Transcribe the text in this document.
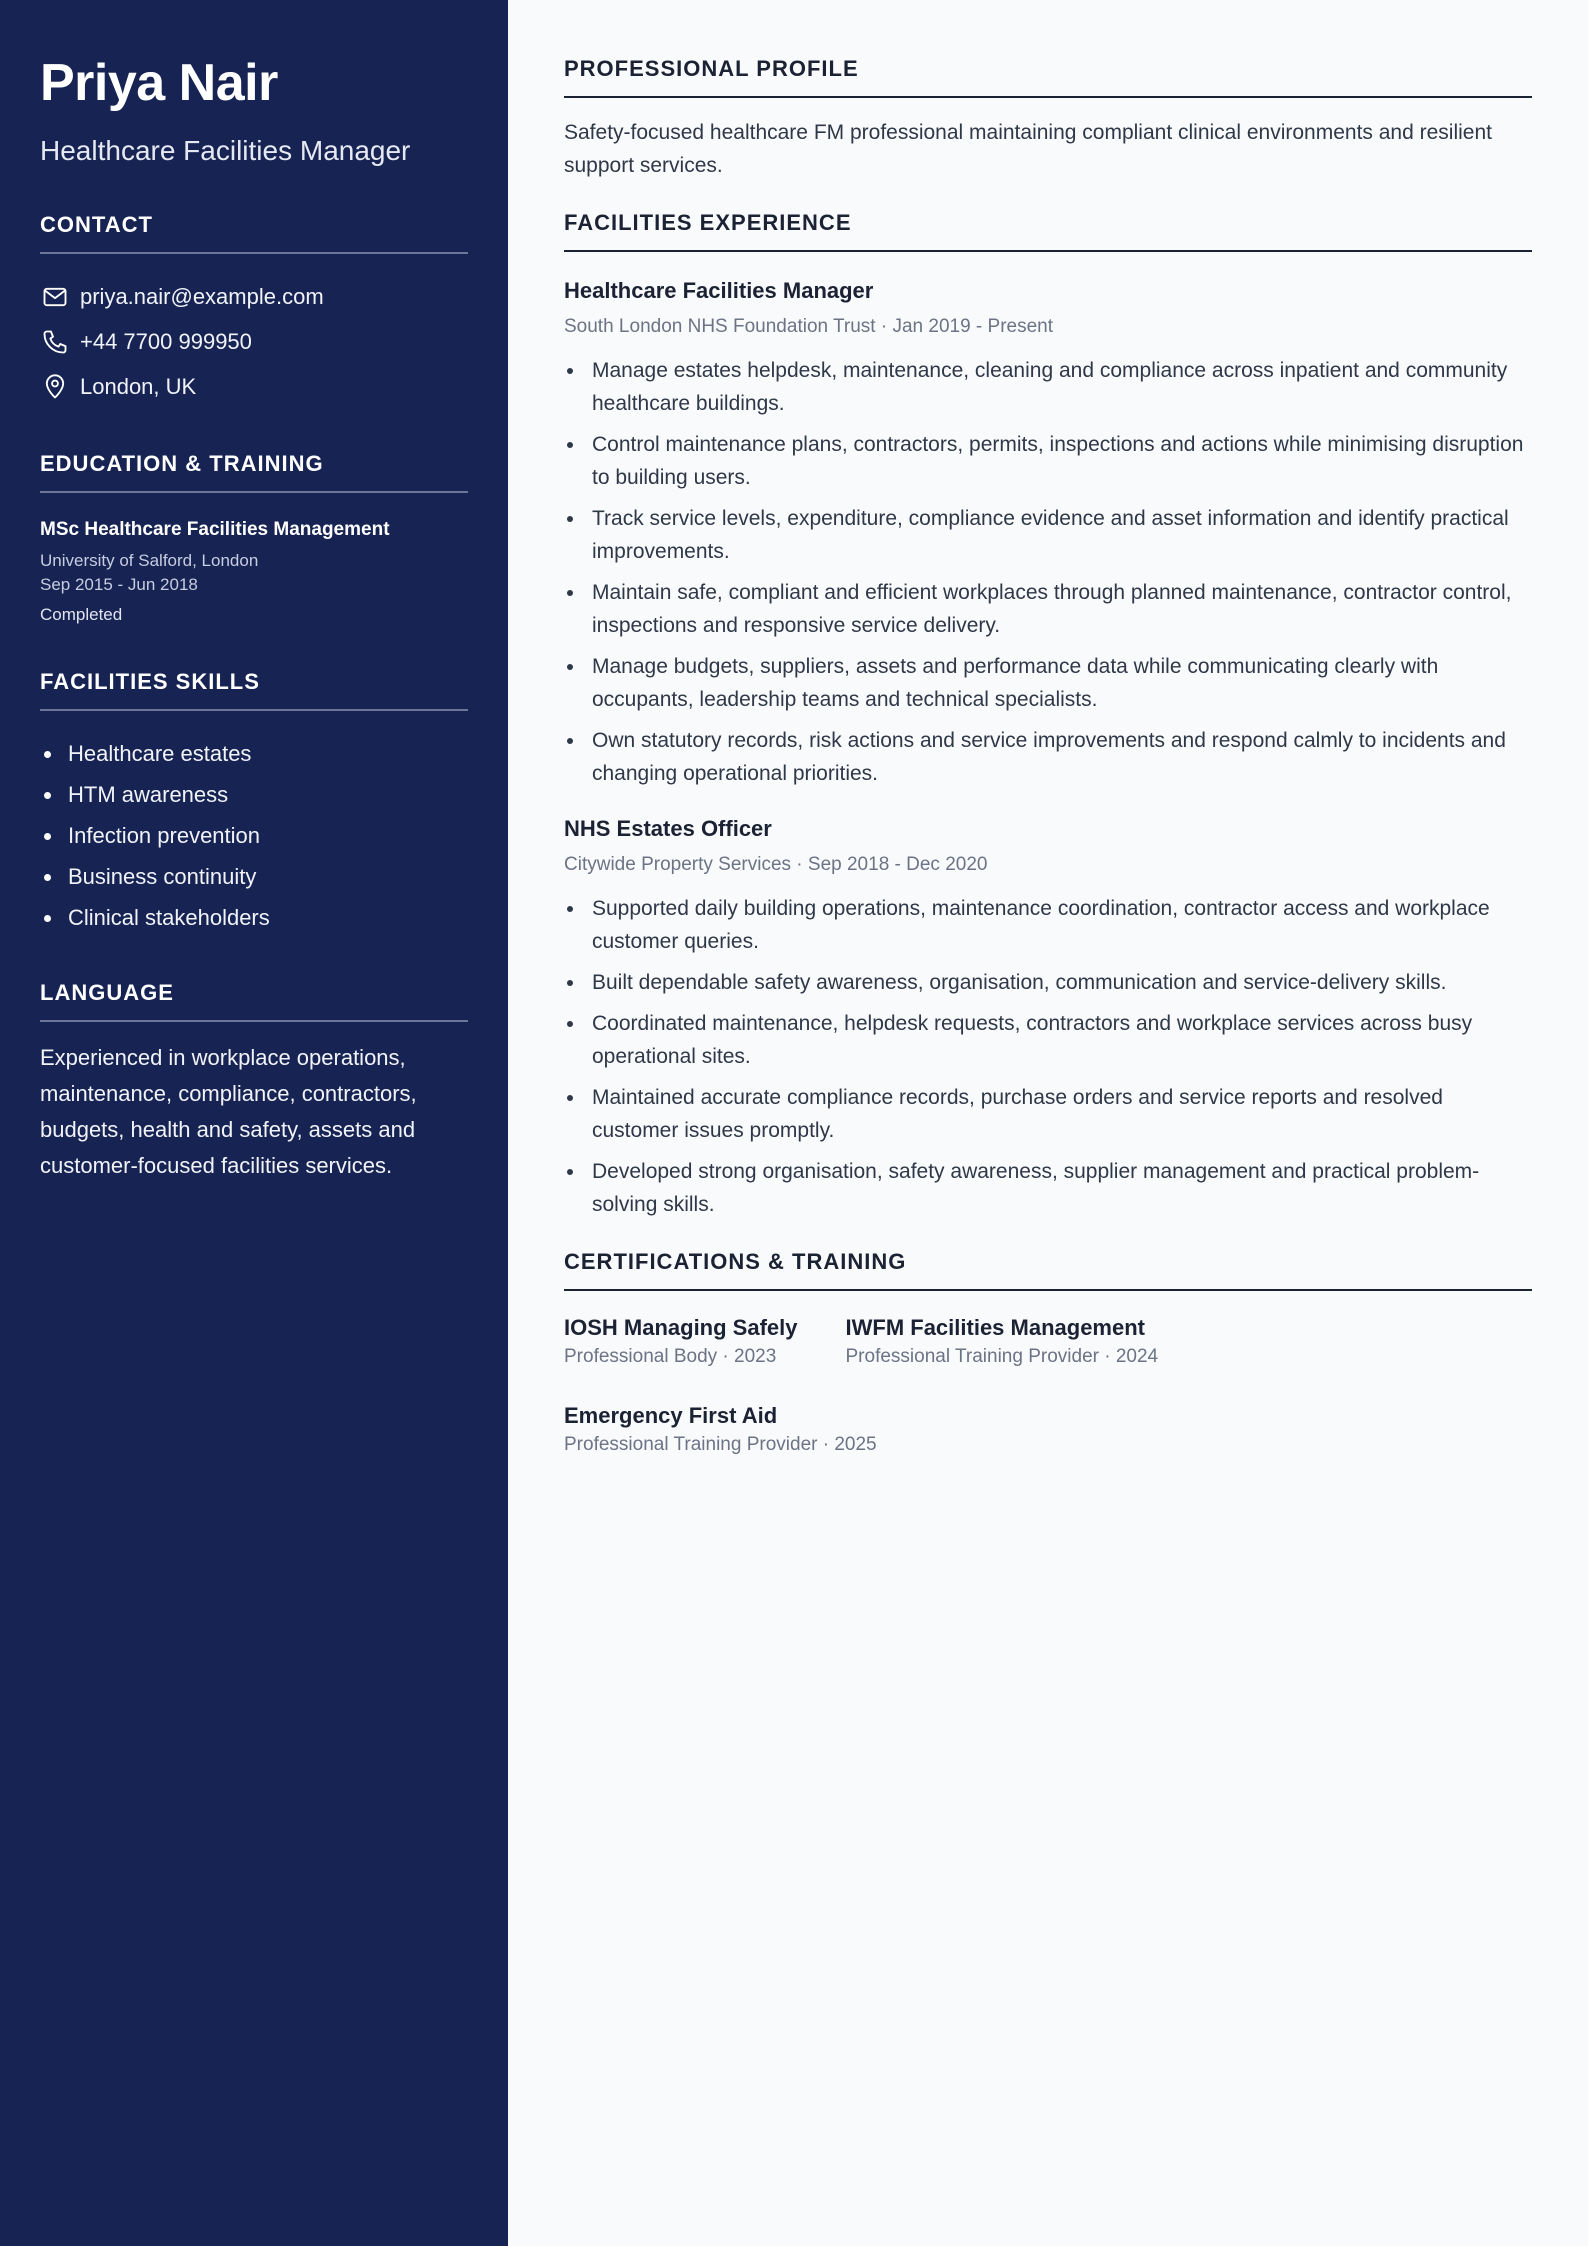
Priya Nair
Healthcare Facilities Manager
CONTACT
priya.nair@example.com
+44 7700 999950
London, UK
EDUCATION & TRAINING
MSc Healthcare Facilities Management
University of Salford, London
Sep 2015 - Jun 2018
Completed
FACILITIES SKILLS
Healthcare estates
HTM awareness
Infection prevention
Business continuity
Clinical stakeholders
LANGUAGE

Experienced in workplace operations, maintenance, compliance, contractors, budgets, health and safety, assets and customer-focused facilities services.

PROFESSIONAL PROFILE

Safety-focused healthcare FM professional maintaining compliant clinical environments and resilient support services.

FACILITIES EXPERIENCE
Healthcare Facilities Manager
South London NHS Foundation Trust · Jan 2019 - Present
Manage estates helpdesk, maintenance, cleaning and compliance across inpatient and community healthcare buildings.
Control maintenance plans, contractors, permits, inspections and actions while minimising disruption to building users.
Track service levels, expenditure, compliance evidence and asset information and identify practical improvements.
Maintain safe, compliant and efficient workplaces through planned maintenance, contractor control, inspections and responsive service delivery.
Manage budgets, suppliers, assets and performance data while communicating clearly with occupants, leadership teams and technical specialists.
Own statutory records, risk actions and service improvements and respond calmly to incidents and changing operational priorities.
NHS Estates Officer
Citywide Property Services · Sep 2018 - Dec 2020
Supported daily building operations, maintenance coordination, contractor access and workplace customer queries.
Built dependable safety awareness, organisation, communication and service-delivery skills.
Coordinated maintenance, helpdesk requests, contractors and workplace services across busy operational sites.
Maintained accurate compliance records, purchase orders and service reports and resolved customer issues promptly.
Developed strong organisation, safety awareness, supplier management and practical problem-solving skills.
CERTIFICATIONS & TRAINING
IOSH Managing Safely
Professional Body · 2023
IWFM Facilities Management
Professional Training Provider · 2024
Emergency First Aid
Professional Training Provider · 2025
